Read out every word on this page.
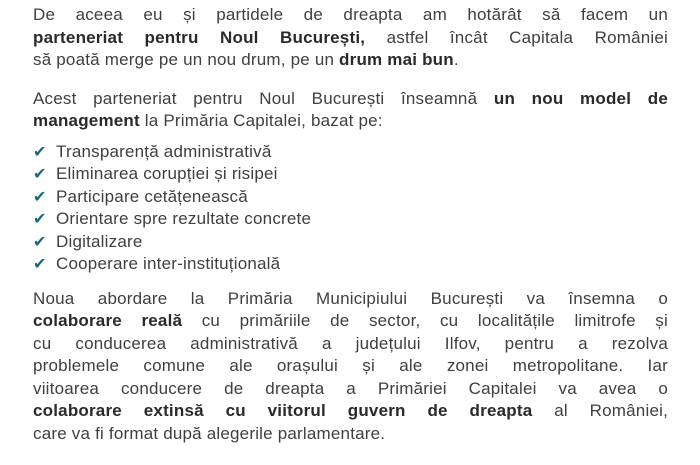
De aceea eu și partidele de dreapta am hotărât să facem un
parteneriat pentru Noul București, astfel încât Capitala României
să poată merge pe un nou drum, pe un drum mai bun.

Acest parteneriat pentru Noul București înseamnă un nou model de
management la Primăria Capitalei, bazat pe:

✔ Transparență administrativă
✔ Eliminarea corupției și risipei
✔ Participare cetățenească
✔ Orientare spre rezultate concrete
✔ Digitalizare
✔ Cooperare inter-instituțională

Noua abordare la Primăria Municipiului București va însemna o
colaborare reală cu primăriile de sector, cu localitățile limitrofe și
cu conducerea administrativă a județului Ilfov, pentru a rezolva
problemele comune ale orașului și ale zonei metropolitane. Iar
viitoarea conducere de dreapta a Primăriei Capitalei va avea o
colaborare extinsă cu viitorul guvern de dreapta al României,
care va fi format după alegerile parlamentare.
